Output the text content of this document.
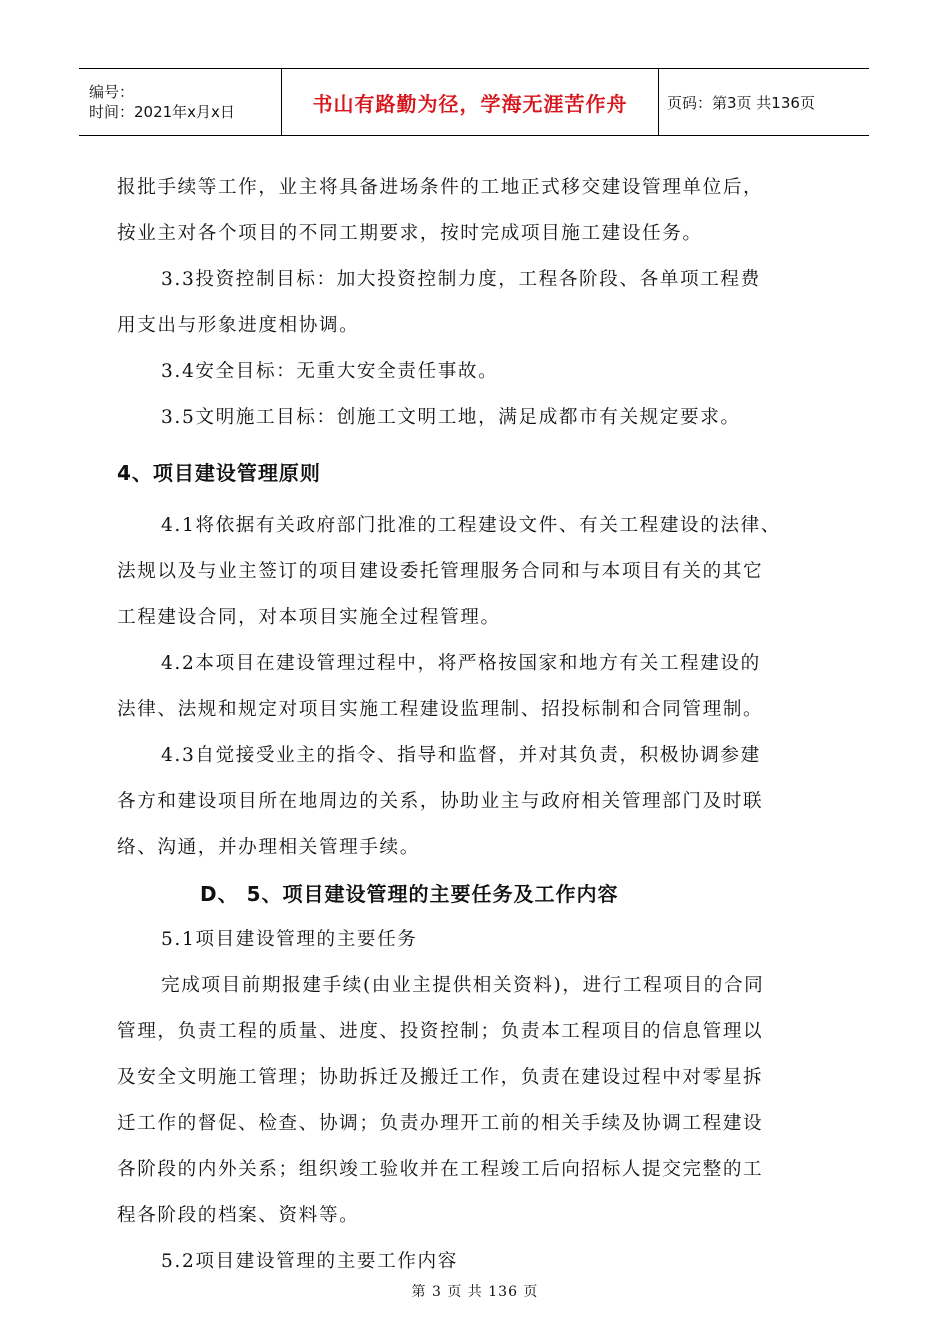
编号：
时间：2021年x月x日	书山有路勤为径，学海无涯苦作舟	页码：第3页 共136页

报批手续等工作，业主将具备进场条件的工地正式移交建设管理单位后，

按业主对各个项目的不同工期要求，按时完成项目施工建设任务。

3.3投资控制目标：加大投资控制力度，工程各阶段、各单项工程费

用支出与形象进度相协调。

3.4安全目标：无重大安全责任事故。

3.5文明施工目标：创施工文明工地，满足成都市有关规定要求。

4、项目建设管理原则

4.1将依据有关政府部门批准的工程建设文件、有关工程建设的法律、

法规以及与业主签订的项目建设委托管理服务合同和与本项目有关的其它

工程建设合同，对本项目实施全过程管理。

4.2本项目在建设管理过程中，将严格按国家和地方有关工程建设的

法律、法规和规定对项目实施工程建设监理制、招投标制和合同管理制。

4.3自觉接受业主的指令、指导和监督，并对其负责，积极协调参建

各方和建设项目所在地周边的关系，协助业主与政府相关管理部门及时联

络、沟通，并办理相关管理手续。

D、 5、项目建设管理的主要任务及工作内容

5.1项目建设管理的主要任务

完成项目前期报建手续(由业主提供相关资料)，进行工程项目的合同

管理，负责工程的质量、进度、投资控制；负责本工程项目的信息管理以

及安全文明施工管理；协助拆迁及搬迁工作，负责在建设过程中对零星拆

迁工作的督促、检查、协调；负责办理开工前的相关手续及协调工程建设

各阶段的内外关系；组织竣工验收并在工程竣工后向招标人提交完整的工

程各阶段的档案、资料等。

5.2项目建设管理的主要工作内容

第 3 页 共 136 页
